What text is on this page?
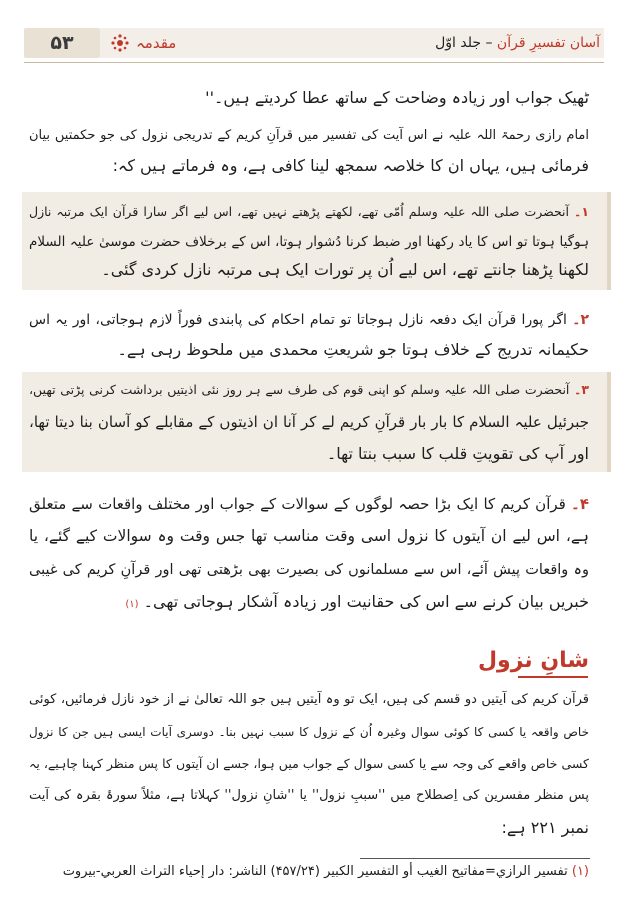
۵۳	مقدمہ	آسان تفسیرِ قرآن – جلد اوّل
ٹھیک جواب اور زیادہ وضاحت کے ساتھ عطا کردیتے ہیں۔''
امام رازی رحمۃ اللہ علیہ نے اس آیت کی تفسیر میں قرآنِ کریم کے تدریجی نزول کی جو حکمتیں بیان
فرمائی ہیں، یہاں ان کا خلاصہ سمجھ لینا کافی ہے، وہ فرماتے ہیں کہ:
۱۔ آنحضرت صلی اللہ علیہ وسلم اُمّی تھے، لکھتے پڑھتے نہیں تھے، اس لیے اگر سارا قرآن ایک مرتبہ نازل
ہوگیا ہوتا تو اس کا یاد رکھنا اور ضبط کرنا دُشوار ہوتا، اس کے برخلاف حضرت موسیٰ علیہ السلام
لکھنا پڑھنا جانتے تھے، اس لیے اُن پر تورات ایک ہی مرتبہ نازل کردی گئی۔
۲۔ اگر پورا قرآن ایک دفعہ نازل ہوجاتا تو تمام احکام کی پابندی فوراً لازم ہوجاتی، اور یہ اس
حکیمانہ تدریج کے خلاف ہوتا جو شریعتِ محمدی میں ملحوظ رہی ہے۔
۳۔ آنحضرت صلی اللہ علیہ وسلم کو اپنی قوم کی طرف سے ہر روز نئی اذیتیں برداشت کرنی پڑتی تھیں،
جبرئیل علیہ السلام کا بار بار قرآنِ کریم لے کر آنا ان اذیتوں کے مقابلے کو آسان بنا دیتا تھا،
اور آپ کی تقویتِ قلب کا سبب بنتا تھا۔
۴۔ قرآن کریم کا ایک بڑا حصہ لوگوں کے سوالات کے جواب اور مختلف واقعات سے متعلق
ہے، اس لیے ان آیتوں کا نزول اسی وقت مناسب تھا جس وقت وہ سوالات کیے گئے، یا
وہ واقعات پیش آئے، اس سے مسلمانوں کی بصیرت بھی بڑھتی تھی اور قرآنِ کریم کی غیبی
خبریں بیان کرنے سے اس کی حقانیت اور زیادہ آشکار ہوجاتی تھی۔ (۱)
شانِ نزول
قرآن کریم کی آیتیں دو قسم کی ہیں، ایک تو وہ آیتیں ہیں جو اللہ تعالیٰ نے از خود نازل فرمائیں، کوئی
خاص واقعہ یا کسی کا کوئی سوال وغیرہ اُن کے نزول کا سبب نہیں بنا۔ دوسری آیات ایسی ہیں جن کا نزول
کسی خاص واقعے کی وجہ سے یا کسی سوال کے جواب میں ہوا، جسے ان آیتوں کا پس منظر کہنا چاہیے، یہ
پس منظر مفسرین کی اِصطلاح میں ''سببِ نزول'' یا ''شانِ نزول'' کہلاتا ہے، مثلاً سورۂ بقرہ کی آیت
نمبر ۲۲۱ ہے:
(۱) تفسیر الرازي=مفاتیح الغیب أو التفسیر الکبیر (۴۵۷/۲۴) الناشر: دار إحیاء التراث العربي-بیروت
